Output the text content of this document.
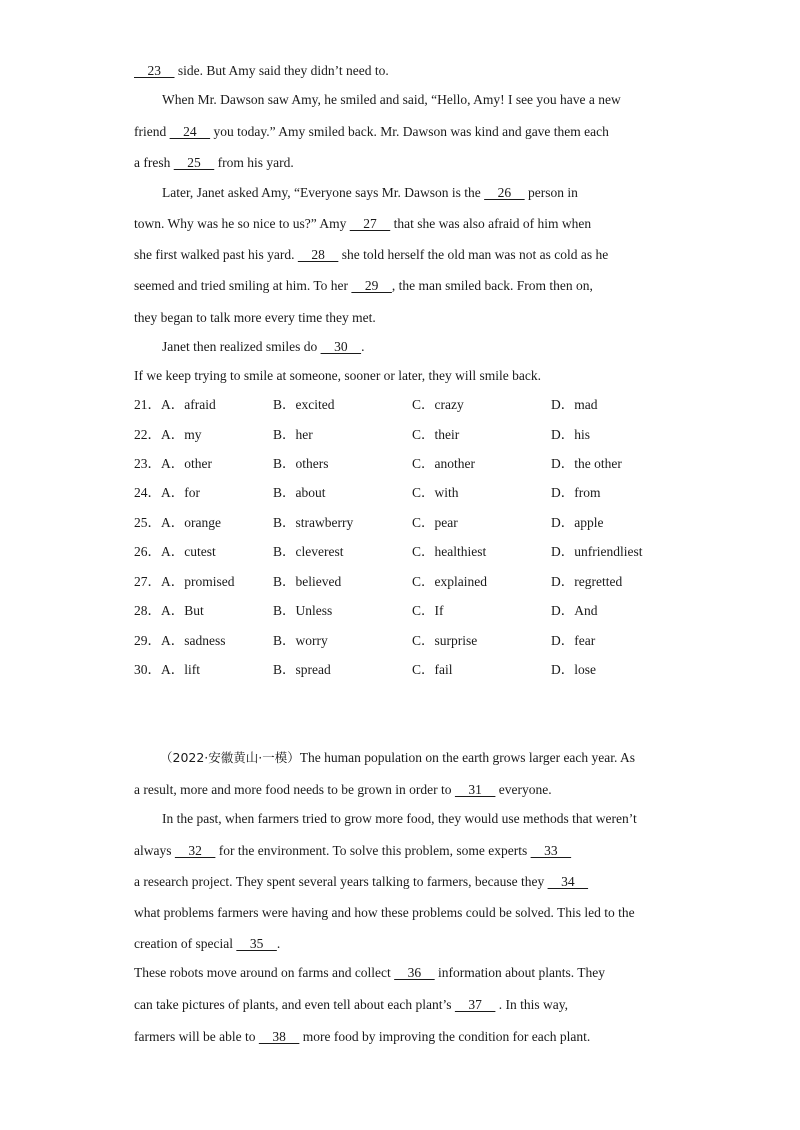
23     side. But Amy said they didn’t need to.
When Mr. Dawson saw Amy, he smiled and said, “Hello, Amy! I see you have a new
friend     24     you today.” Amy smiled back. Mr. Dawson was kind and gave them each
a fresh     25     from his yard.
Later, Janet asked Amy, “Everyone says Mr. Dawson is the     26     person in
town. Why was he so nice to us?” Amy     27     that she was also afraid of him when
she first walked past his yard.     28     she told herself the old man was not as cold as he
seemed and tried smiling at him. To her     29    , the man smiled back. From then on,
they began to talk more every time they met.
Janet then realized smiles do     30    .
If we keep trying to smile at someone, sooner or later, they will smile back.
21．A．afraid	B．excited	C．crazy	D．mad
22．A．my	B．her	C．their	D．his
23．A．other	B．others	C．another	D．the other
24．A．for	B．about	C．with	D．from
25．A．orange	B．strawberry	C．pear	D．apple
26．A．cutest	B．cleverest	C．healthiest	D．unfriendliest
27．A．promised	B．believed	C．explained	D．regretted
28．A．But	B．Unless	C．If	D．And
29．A．sadness	B．worry	C．surprise	D．fear
30．A．lift	B．spread	C．fail	D．lose
（2022·安徽黄山·一模）The human population on the earth grows larger each year. As
a result, more and more food needs to be grown in order to     31     everyone.
In the past, when farmers tried to grow more food, they would use methods that weren’t
always     32     for the environment. To solve this problem, some experts     33
a research project. They spent several years talking to farmers, because they     34
what problems farmers were having and how these problems could be solved. This led to the
creation of special     35    .
These robots move around on farms and collect     36     information about plants. They
can take pictures of plants, and even tell about each plant’s     37     . In this way,
farmers will be able to     38     more food by improving the condition for each plant.
